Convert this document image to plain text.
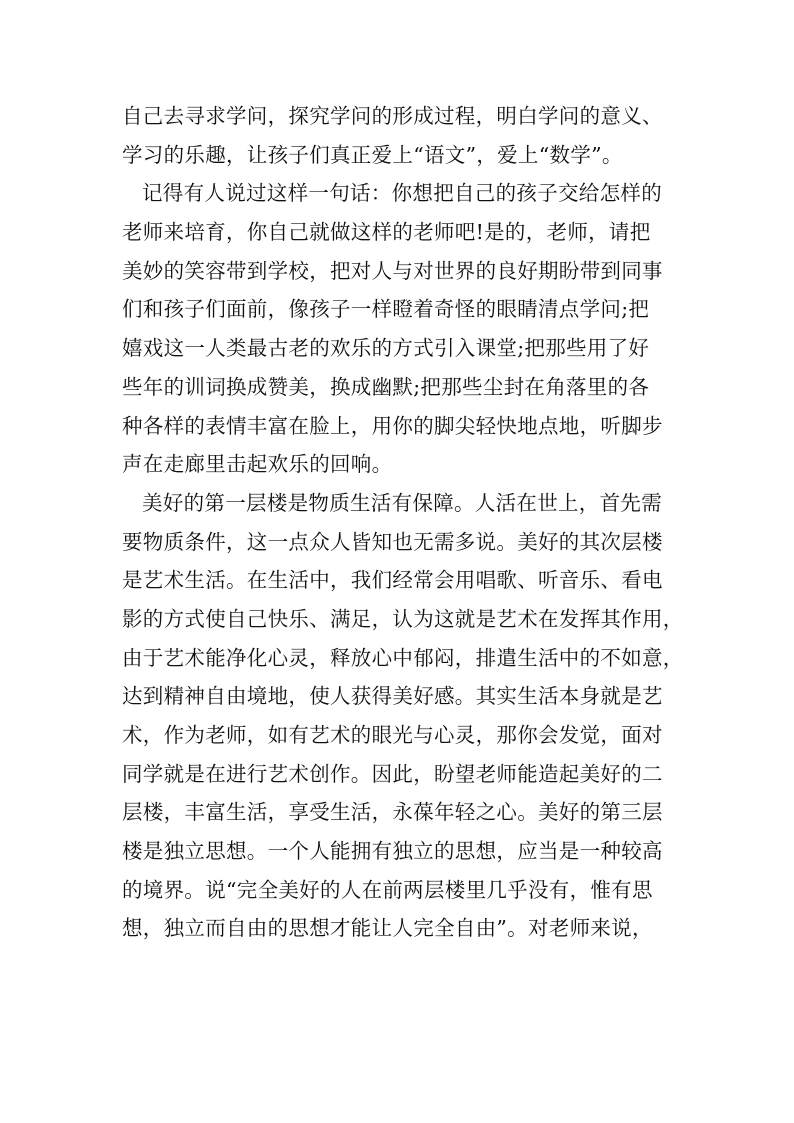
自己去寻求学问，探究学问的形成过程，明白学问的意义、
学习的乐趣，让孩子们真正爱上“语文”，爱上“数学”。
记得有人说过这样一句话：你想把自己的孩子交给怎样的
老师来培育，你自己就做这样的老师吧!是的，老师，请把
美妙的笑容带到学校，把对人与对世界的良好期盼带到同事
们和孩子们面前，像孩子一样瞪着奇怪的眼睛清点学问;把
嬉戏这一人类最古老的欢乐的方式引入课堂;把那些用了好
些年的训词换成赞美，换成幽默;把那些尘封在角落里的各
种各样的表情丰富在脸上，用你的脚尖轻快地点地，听脚步
声在走廊里击起欢乐的回响。
美好的第一层楼是物质生活有保障。人活在世上，首先需
要物质条件，这一点众人皆知也无需多说。美好的其次层楼
是艺术生活。在生活中，我们经常会用唱歌、听音乐、看电
影的方式使自己快乐、满足，认为这就是艺术在发挥其作用，
由于艺术能净化心灵，释放心中郁闷，排遣生活中的不如意，
达到精神自由境地，使人获得美好感。其实生活本身就是艺
术，作为老师，如有艺术的眼光与心灵，那你会发觉，面对
同学就是在进行艺术创作。因此，盼望老师能造起美好的二
层楼，丰富生活，享受生活，永葆年轻之心。美好的第三层
楼是独立思想。一个人能拥有独立的思想，应当是一种较高
的境界。说“完全美好的人在前两层楼里几乎没有，惟有思
想，独立而自由的思想才能让人完全自由”。对老师来说，
